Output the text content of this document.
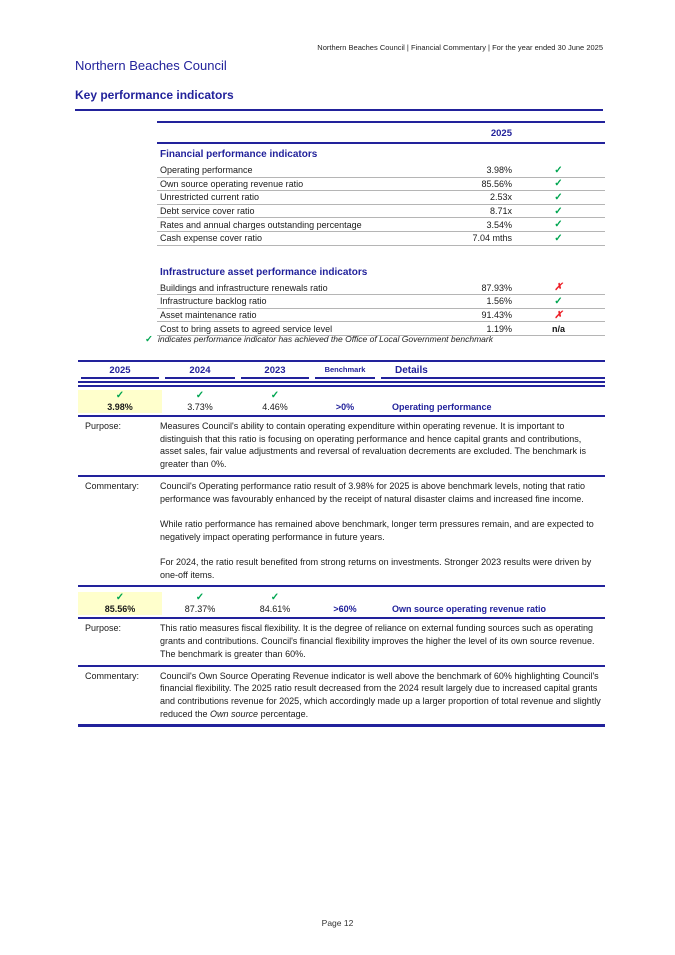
Northern Beaches Council | Financial Commentary | For the year ended 30 June 2025
Northern Beaches Council
Key performance indicators
2025
Financial performance indicators
Operating performance	3.98%	✓
Own source operating revenue ratio	85.56%	✓
Unrestricted current ratio	2.53x	✓
Debt service cover ratio	8.71x	✓
Rates and annual charges outstanding percentage	3.54%	✓
Cash expense cover ratio	7.04 mths	✓
Infrastructure asset performance indicators
Buildings and infrastructure renewals ratio	87.93%	✗
Infrastructure backlog ratio	1.56%	✓
Asset maintenance ratio	91.43%	✗
Cost to bring assets to agreed service level	1.19%	n/a
✓ indicates performance indicator has achieved the Office of Local Government benchmark
2025	2024	2023	Benchmark	Details
✓	✓	✓
3.98%	3.73%	4.46%	>0%	Operating performance
Purpose:	Measures Council's ability to contain operating expenditure within operating revenue. It is important to distinguish that this ratio is focusing on operating performance and hence capital grants and contributions, asset sales, fair value adjustments and reversal of revaluation decrements are excluded. The benchmark is greater than 0%.
Commentary:	Council's Operating performance ratio result of 3.98% for 2025 is above benchmark levels, noting that ratio performance was favourably enhanced by the receipt of natural disaster claims and increased fine income.

While ratio performance has remained above benchmark, longer term pressures remain, and are expected to negatively impact operating performance in future years.

For 2024, the ratio result benefited from strong returns on investments. Stronger 2023 results were driven by one-off items.

✓	✓	✓
85.56%	87.37%	84.61%	>60%	Own source operating revenue ratio
Purpose:	This ratio measures fiscal flexibility. It is the degree of reliance on external funding sources such as operating grants and contributions. Council's financial flexibility improves the higher the level of its own source revenue. The benchmark is greater than 60%.
Commentary:	Council's Own Source Operating Revenue indicator is well above the benchmark of 60% highlighting Council's financial flexibility. The 2025 ratio result decreased from the 2024 result largely due to increased capital grants and contributions revenue for 2025, which accordingly made up a larger proportion of total revenue and slightly reduced the Own source percentage.

Page 12
